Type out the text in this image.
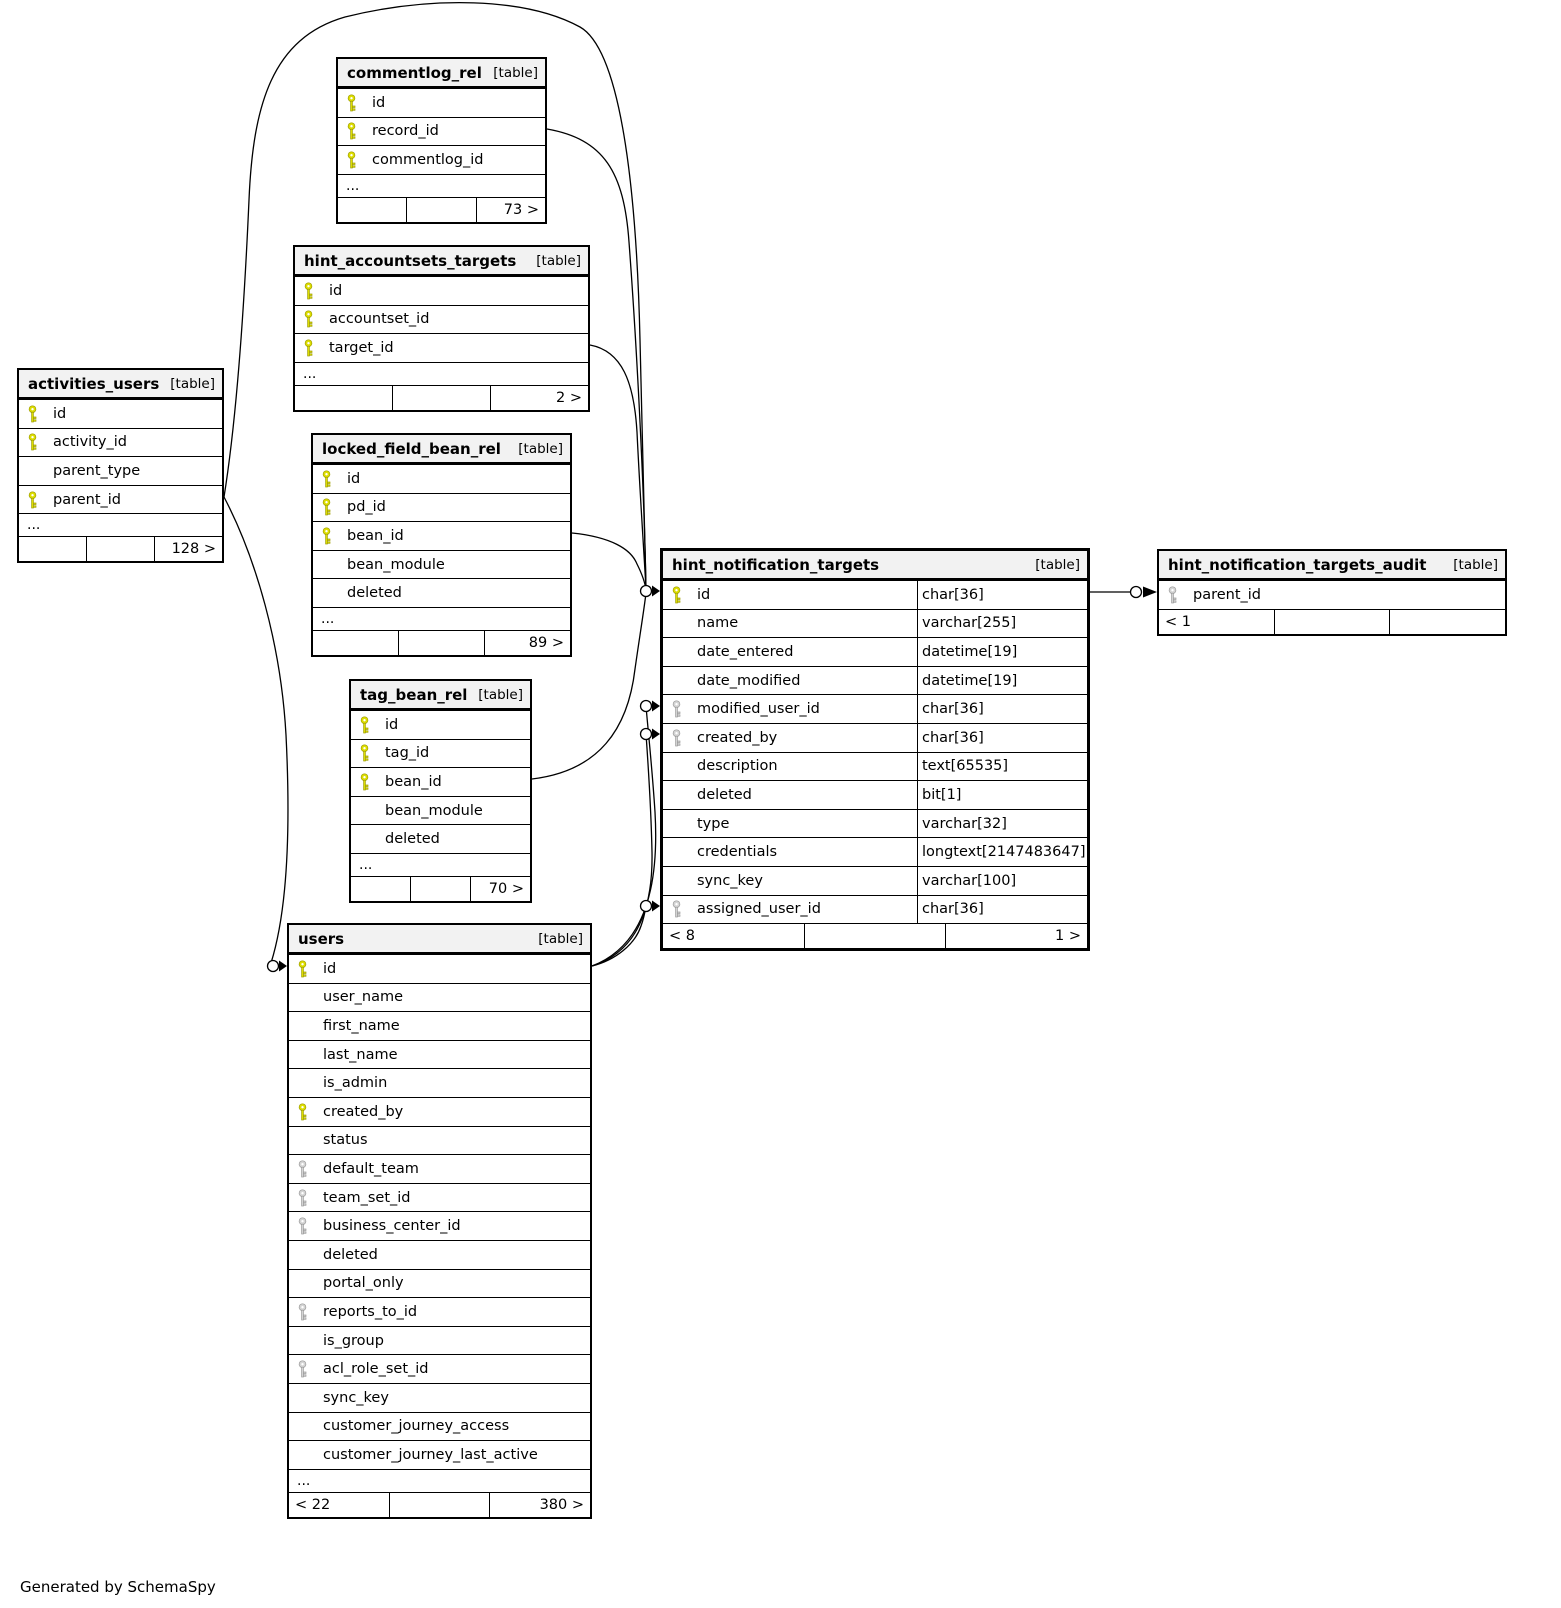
commentlog_rel [table]
id
record_id
commentlog_id
...
73 >
hint_accountsets_targets [table]
id
accountset_id
target_id
...
2 >
locked_field_bean_rel [table]
id
pd_id
bean_id
bean_module
deleted
...
89 >
tag_bean_rel [table]
id
tag_id
bean_id
bean_module
deleted
...
70 >
activities_users [table]
id
activity_id
parent_type
parent_id
...
128 >
users	[table]
id
user_name
first_name
last_name
is_admin
created_by
status
default_team
team_set_id
business_center_id
deleted
portal_only
reports_to_id
is_group
acl_role_set_id
sync_key
customer_journey_access
customer_journey_last_active
...
< 22	380 >
hint_notification_targets	[table]
id	char[36]
name	varchar[255]
date_entered	datetime[19]
date_modified	datetime[19]
modified_user_id	char[36]
created_by	char[36]
description	text[65535]
deleted	bit[1]
type	varchar[32]
credentials	longtext[2147483647]
sync_key	varchar[100]
assigned_user_id	char[36]
< 8	1 >
hint_notification_targets_audit [table]
parent_id
< 1
Generated by SchemaSpy
